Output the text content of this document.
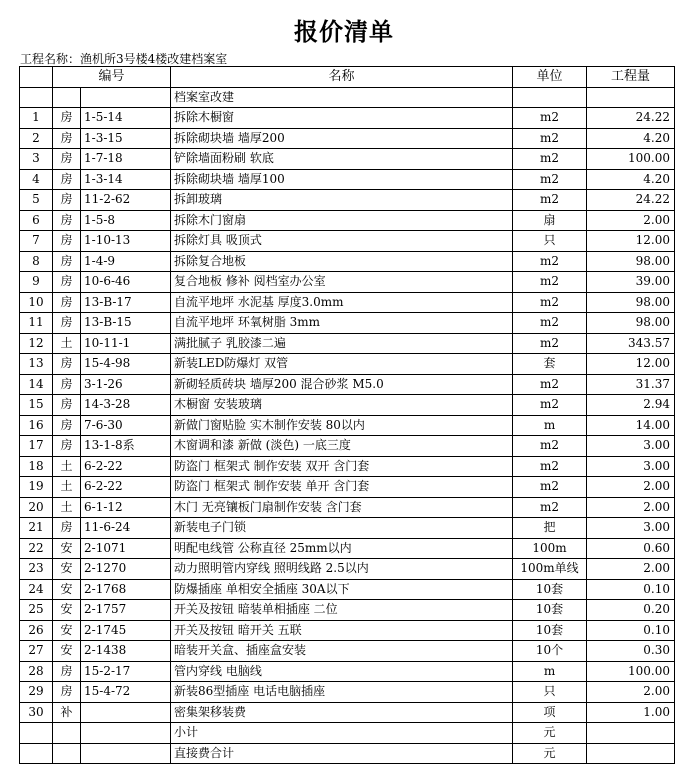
报价清单
工程名称：渔机所3号楼4楼改建档案室
	编号		名称	单位	工程量
			档案室改建		
1	房	1-5-14	拆除木橱窗	m2	24.22
2	房	1-3-15	拆除砌块墙 墙厚200	m2	4.20
3	房	1-7-18	铲除墙面粉刷 软底	m2	100.00
4	房	1-3-14	拆除砌块墙 墙厚100	m2	4.20
5	房	11-2-62	拆卸玻璃	m2	24.22
6	房	1-5-8	拆除木门窗扇	扇	2.00
7	房	1-10-13	拆除灯具 吸顶式	只	12.00
8	房	1-4-9	拆除复合地板	m2	98.00
9	房	10-6-46	复合地板 修补 阅档室办公室	m2	39.00
10	房	13-B-17	自流平地坪 水泥基 厚度3.0mm	m2	98.00
11	房	13-B-15	自流平地坪 环氧树脂 3mm	m2	98.00
12	土	10-11-1	满批腻子 乳胶漆二遍	m2	343.57
13	房	15-4-98	新装LED防爆灯 双管	套	12.00
14	房	3-1-26	新砌轻质砖块 墙厚200 混合砂浆 M5.0	m2	31.37
15	房	14-3-28	木橱窗 安装玻璃	m2	2.94
16	房	7-6-30	新做门窗贴脸 实木制作安装 80以内	m	14.00
17	房	13-1-8系	木窗调和漆 新做 (淡色) 一底三度	m2	3.00
18	土	6-2-22	防盗门 框架式 制作安装 双开 含门套	m2	3.00
19	土	6-2-22	防盗门 框架式 制作安装 单开 含门套	m2	2.00
20	土	6-1-12	木门 无亮镶板门扇制作安装 含门套	m2	2.00
21	房	11-6-24	新装电子门锁	把	3.00
22	安	2-1071	明配电线管 公称直径 25mm以内	100m	0.60
23	安	2-1270	动力照明管内穿线 照明线路 2.5以内	100m单线	2.00
24	安	2-1768	防爆插座 单相安全插座 30A以下	10套	0.10
25	安	2-1757	开关及按钮 暗装单相插座 二位	10套	0.20
26	安	2-1745	开关及按钮 暗开关 五联	10套	0.10
27	安	2-1438	暗装开关盒、插座盒安装	10个	0.30
28	房	15-2-17	管内穿线 电脑线	m	100.00
29	房	15-4-72	新装86型插座 电话电脑插座	只	2.00
30	补		密集架移装费	项	1.00
			小计	元	
			直接费合计	元	
